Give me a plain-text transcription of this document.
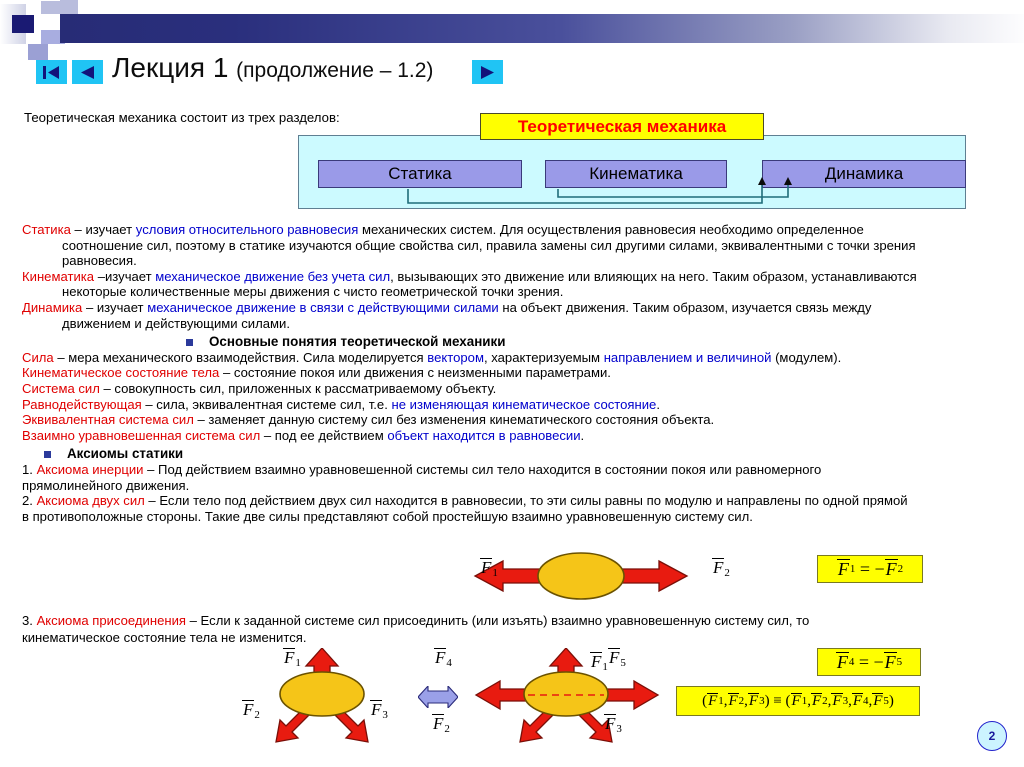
Лекция 1 (продолжение – 1.2)
Теоретическая механика состоит из трех разделов:	Теоретическая механика
Статика	Кинематика	Динамика

Статика – изучает условия относительного равновесия механических систем. Для осуществления равновесия необходимо определенное

соотношение сил, поэтому в статике изучаются общие свойства сил, правила замены сил другими силами, эквивалентными с точки зрения

равновесия.

Кинематика –изучает механическое движение без учета сил, вызывающих это движение или влияющих на него. Таким образом, устанавливаются

некоторые количественные меры движения с чисто геометрической точки зрения.

Динамика – изучает механическое движение в связи с действующими силами на объект движения. Таким образом, изучается связь между

движением и действующими силами.

Основные понятия теоретической механики

Сила – мера механического взаимодействия. Сила моделируется вектором, характеризуемым направлением и величиной (модулем).

Кинематическое состояние тела – состояние покоя или движения с неизменными параметрами.

Система сил – совокупность сил, приложенных к рассматриваемому объекту.

Равнодействующая – сила, эквивалентная системе сил, т.е. не изменяющая кинематическое состояние.

Эквивалентная система сил – заменяет данную систему сил без изменения кинематического состояния объекта.

Взаимно уравновешенная система сил – под ее действием объект находится в равновесии.

Аксиомы статики

1. Аксиома инерции – Под действием взаимно уравновешенной системы сил тело находится в состоянии покоя или равномерного

прямолинейного движения.

2. Аксиома двух сил – Если тело под действием двух сил находится в равновесии, то эти силы равны по модулю и направлены по одной прямой

в противоположные стороны. Такие две силы представляют собой простейшую взаимно уравновешенную систему сил.

$F_1$	$F_2$	F 1 = − F 2

3. Аксиома присоединения – Если к заданной системе сил присоединить (или изъять) взаимно уравновешенную систему сил, то

кинематическое состояние тела не изменится.

$F_1$
$F_2$	$F_3$
$F_1$
$F_4$	$F_5$
$F_2$	$F_3$
F 4 = − F 5
( F 1 , F 2 , F 3 ) ≡ ( F 1 , F 2 , F 3 , F 4 , F 5 )
2
